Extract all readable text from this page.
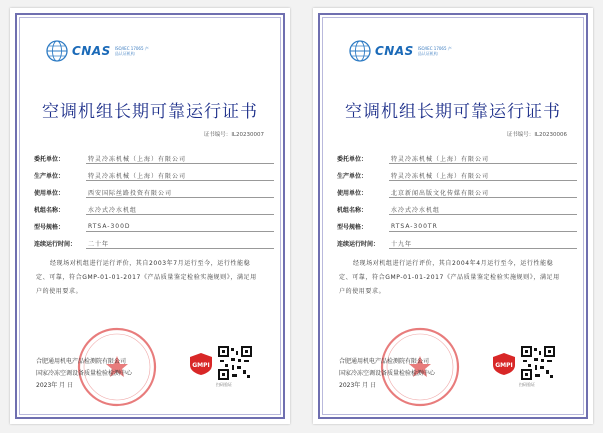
CNAS ISO/IEC 17065 产品认证机构
空调机组长期可靠运行证书
证书编号：IL20230007
委托单位：	特灵冷冻机械（上海）有限公司
生产单位：	特灵冷冻机械（上海）有限公司
使用单位：	西安国际丝路投资有限公司
机组名称：	水冷式冷水机组
型号规格：	RTSA-300D
连续运行时间：	二十年
经现场对机组进行运行评价，其自2003年7月运行至今，运行性能稳定、可靠，符合GMP-01-01-2017《产品质量鉴定检验实施规则》，满足用户的使用要求。
合肥通用机电产品检测院有限公司
国家冷冻空调设备质量检验检测中心
2023年 月 日
GMPI
扫码验证
CNAS ISO/IEC 17065 产品认证机构
空调机组长期可靠运行证书
证书编号：IL20230006
委托单位：	特灵冷冻机械（上海）有限公司
生产单位：	特灵冷冻机械（上海）有限公司
使用单位：	北京新闻出版文化传媒有限公司
机组名称：	水冷式冷水机组
型号规格：	RTSA-300TR
连续运行时间：	十九年
经现场对机组进行运行评价，其自2004年4月运行至今，运行性能稳定、可靠，符合GMP-01-01-2017《产品质量鉴定检验实施规则》，满足用户的使用要求。
合肥通用机电产品检测院有限公司
国家冷冻空调设备质量检验检测中心
2023年 月 日
GMPI
扫码验证
